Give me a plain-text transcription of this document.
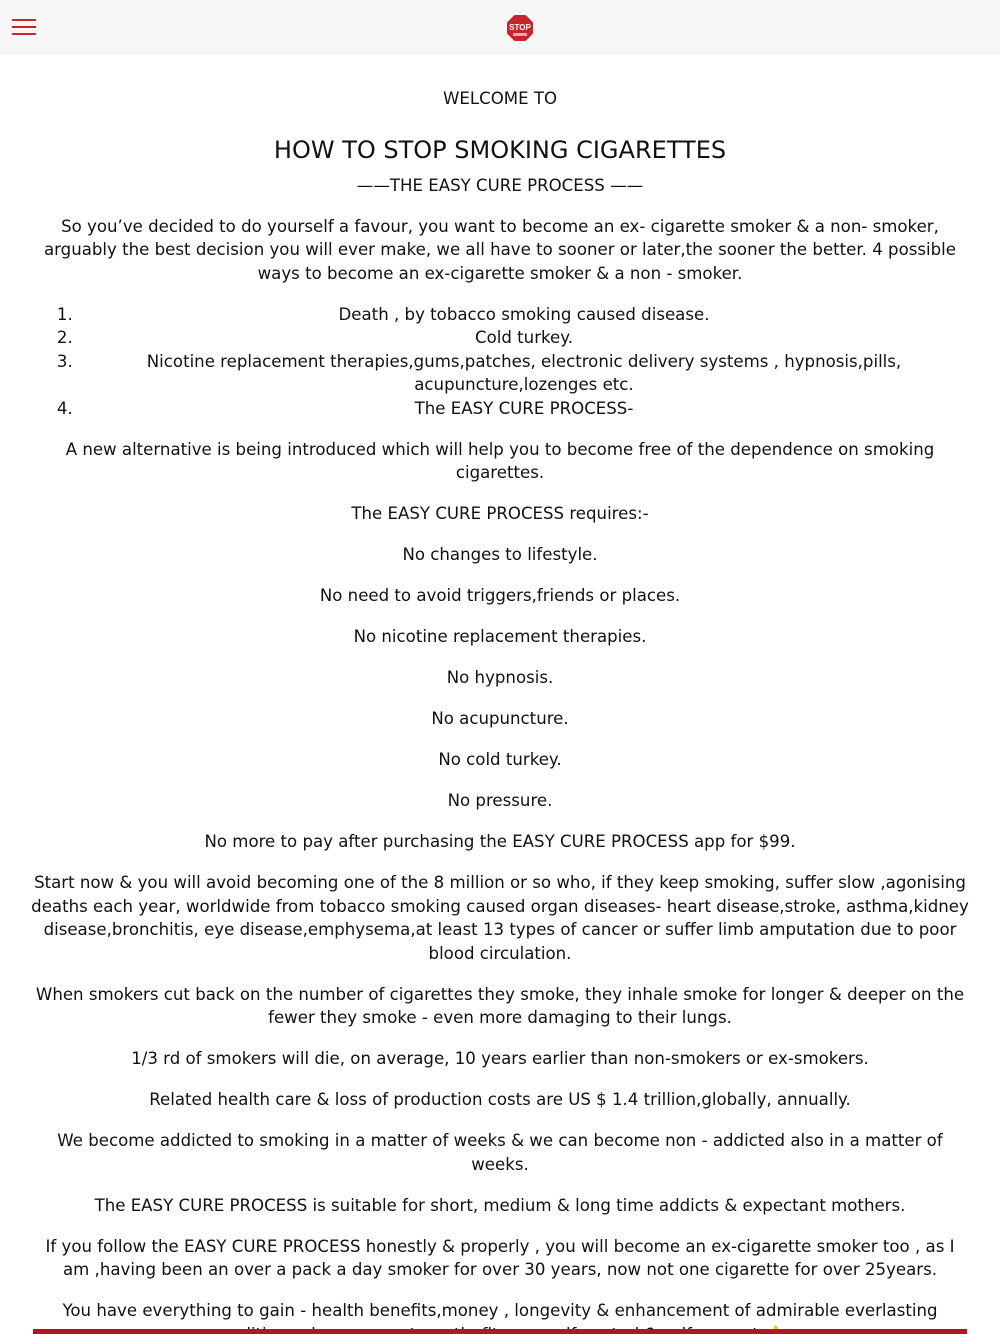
STOP

WELCOME TO

HOW TO STOP SMOKING CIGARETTES

——THE EASY CURE PROCESS ——

So you’ve decided to do yourself a favour, you want to become an ex- cigarette smoker & a non- smoker, arguably the best decision you will ever make, we all have to sooner or later,the sooner the better. 4 possible ways to become an ex-cigarette smoker & a non - smoker.

1. Death , by tobacco smoking caused disease.
2. Cold turkey.
3. Nicotine replacement therapies,gums,patches, electronic delivery systems , hypnosis,pills, acupuncture,lozenges etc.
4. The EASY CURE PROCESS-

A new alternative is being introduced which will help you to become free of the dependence on smoking cigarettes.

The EASY CURE PROCESS requires:-

No changes to lifestyle.

No need to avoid triggers,friends or places.

No nicotine replacement therapies.

No hypnosis.

No acupuncture.

No cold turkey.

No pressure.

No more to pay after purchasing the EASY CURE PROCESS app for $99.

Start now & you will avoid becoming one of the 8 million or so who, if they keep smoking, suffer slow ,agonising deaths each year, worldwide from tobacco smoking caused organ diseases- heart disease,stroke, asthma,kidney disease,bronchitis, eye disease,emphysema,at least 13 types of cancer or suffer limb amputation due to poor blood circulation.

When smokers cut back on the number of cigarettes they smoke, they inhale smoke for longer & deeper on the fewer they smoke - even more damaging to their lungs.

1/3 rd of smokers will die, on average, 10 years earlier than non-smokers or ex-smokers.

Related health care & loss of production costs are US $ 1.4 trillion,globally, annually.

We become addicted to smoking in a matter of weeks & we can become non - addicted also in a matter of weeks.

The EASY CURE PROCESS is suitable for short, medium & long time addicts & expectant mothers.

If you follow the EASY CURE PROCESS honestly & properly , you will become an ex-cigarette smoker too , as I am ,having been an over a pack a day smoker for over 30 years, now not one cigarette for over 25years.

You have everything to gain - health benefits,money , longevity & enhancement of admirable everlasting
